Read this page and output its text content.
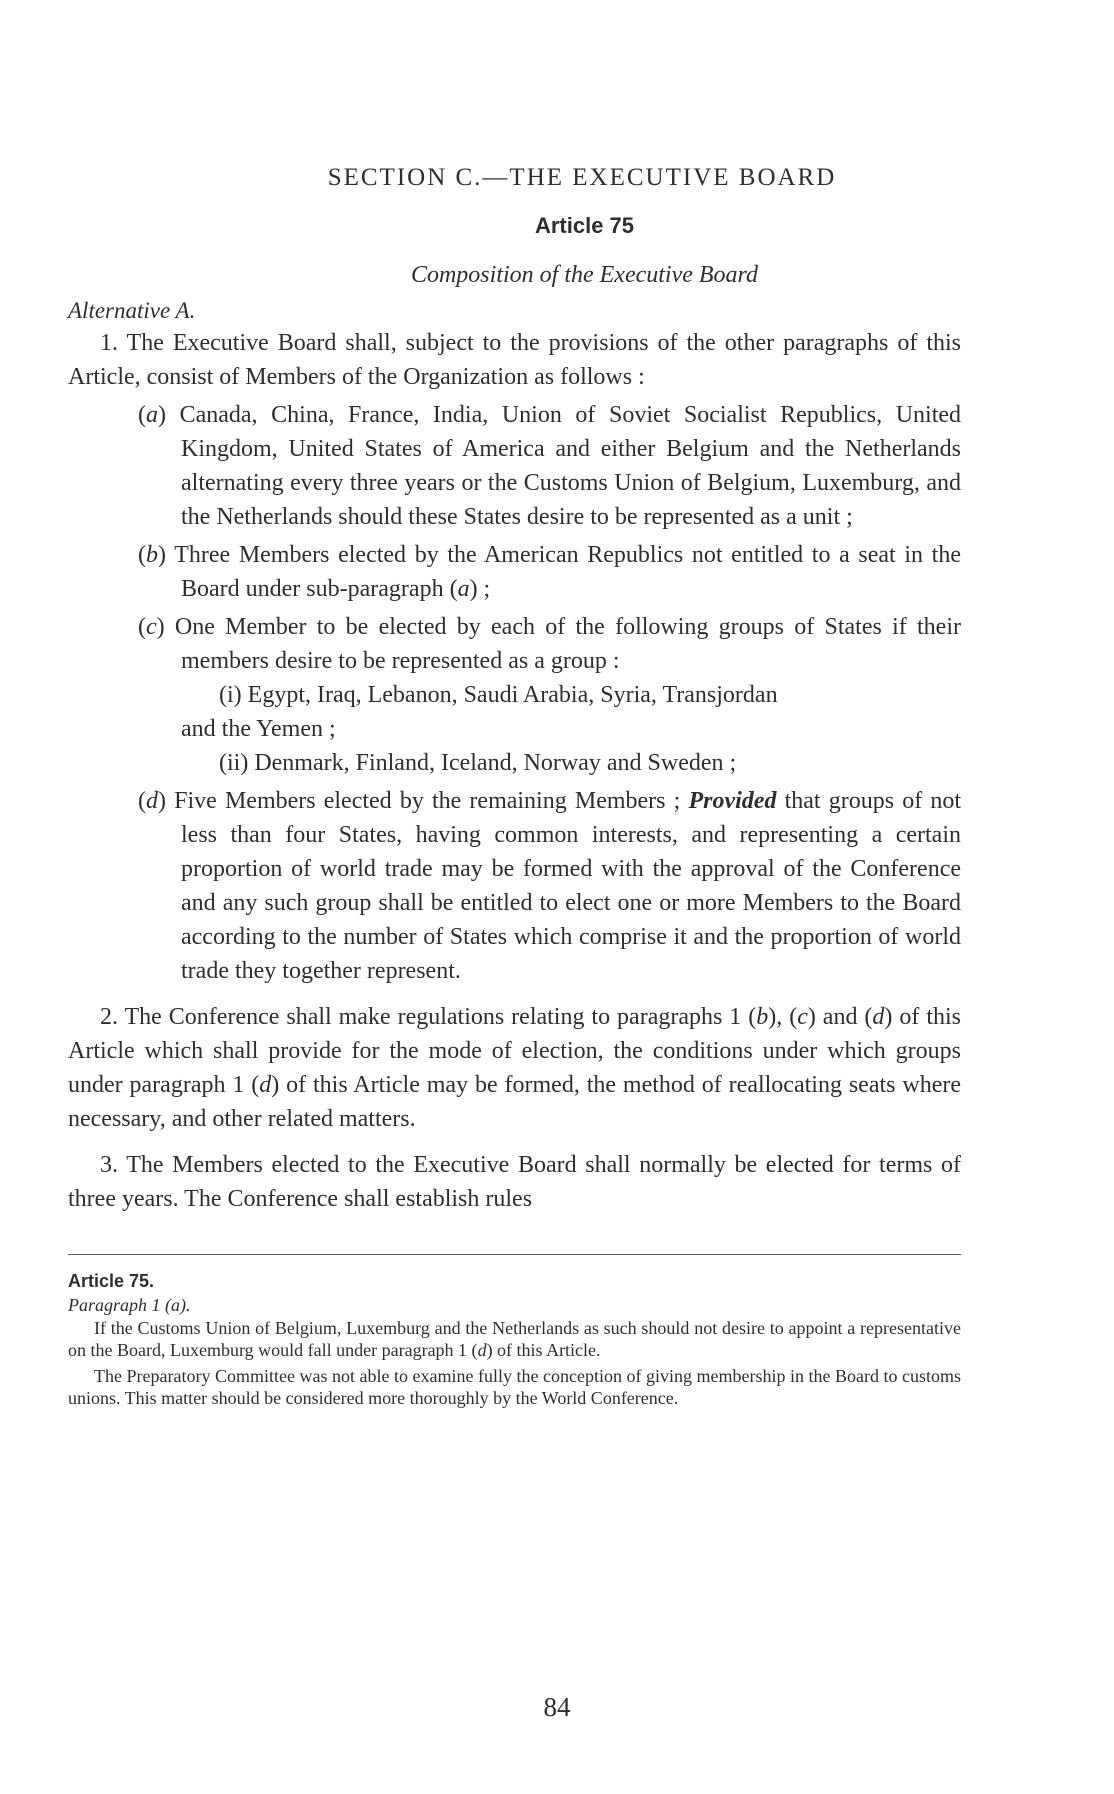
SECTION C.—THE EXECUTIVE BOARD
Article 75
Composition of the Executive Board
Alternative A.

1. The Executive Board shall, subject to the provisions of the other paragraphs of this Article, consist of Members of the Organization as follows :

(a) Canada, China, France, India, Union of Soviet Socialist Republics, United Kingdom, United States of America and either Belgium and the Netherlands alternating every three years or the Customs Union of Belgium, Luxemburg, and the Netherlands should these States desire to be represented as a unit ;

(b) Three Members elected by the American Republics not entitled to a seat in the Board under sub-paragraph (a) ;

(c) One Member to be elected by each of the following groups of States if their members desire to be represented as a group :

(i) Egypt, Iraq, Lebanon, Saudi Arabia, Syria, Transjordan

and the Yemen ;

(ii) Denmark, Finland, Iceland, Norway and Sweden ;

(d) Five Members elected by the remaining Members ; Provided that groups of not less than four States, having common interests, and representing a certain proportion of world trade may be formed with the approval of the Conference and any such group shall be entitled to elect one or more Members to the Board according to the number of States which comprise it and the proportion of world trade they together represent.

2. The Conference shall make regulations relating to paragraphs 1 (b), (c) and (d) of this Article which shall provide for the mode of election, the conditions under which groups under paragraph 1 (d) of this Article may be formed, the method of reallocating seats where necessary, and other related matters.

3. The Members elected to the Executive Board shall normally be elected for terms of three years. The Conference shall establish rules

Article 75.
Paragraph 1 (a).

If the Customs Union of Belgium, Luxemburg and the Netherlands as such should not desire to appoint a representative on the Board, Luxemburg would fall under paragraph 1 (d) of this Article.

The Preparatory Committee was not able to examine fully the conception of giving membership in the Board to customs unions. This matter should be considered more thoroughly by the World Conference.

84
